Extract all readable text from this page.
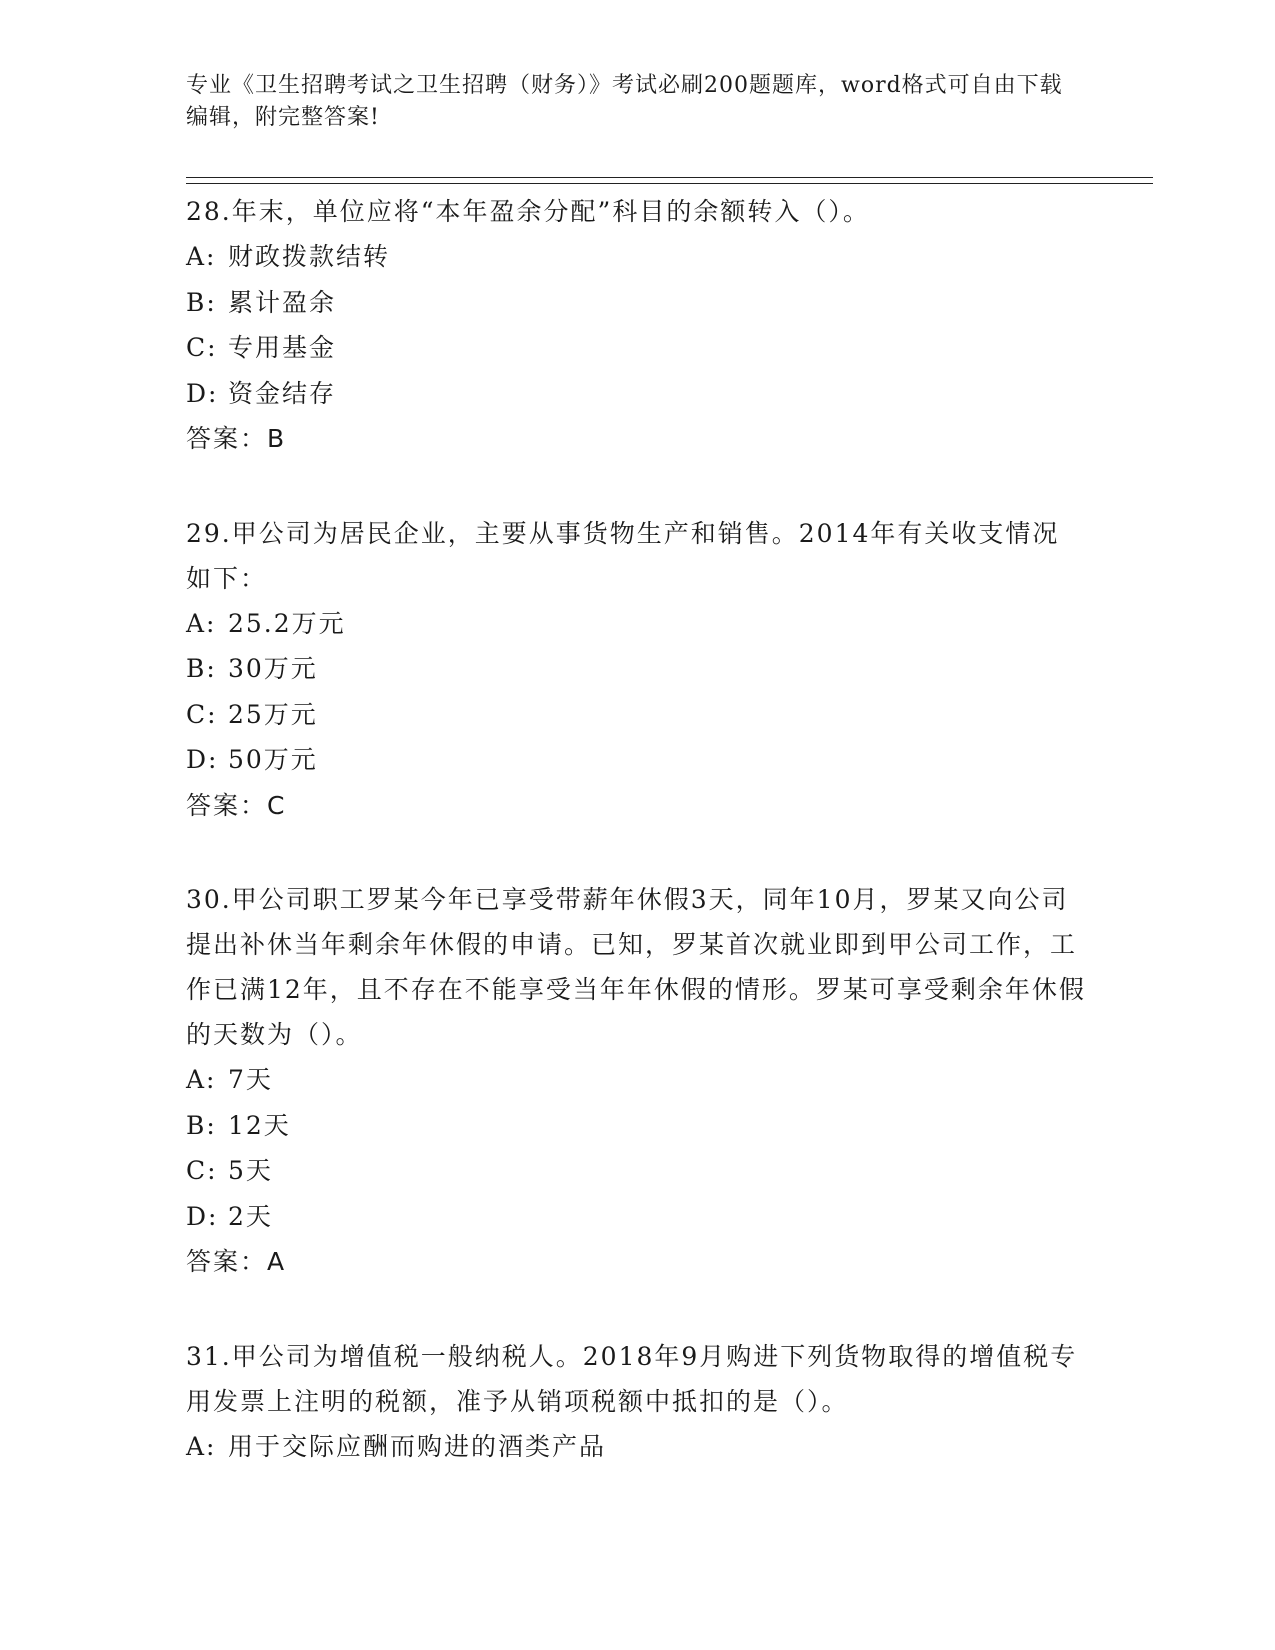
专业《卫生招聘考试之卫生招聘（财务）》考试必刷200题题库，word格式可自由下载编辑，附完整答案!

28.年末，单位应将“本年盈余分配”科目的余额转入（）。

A: 财政拨款结转

B: 累计盈余

C: 专用基金

D: 资金结存

答案：B

29.甲公司为居民企业，主要从事货物生产和销售。2014年有关收支情况如下：

A: 25.2万元

B: 30万元

C: 25万元

D: 50万元

答案：C

30.甲公司职工罗某今年已享受带薪年休假3天，同年10月，罗某又向公司提出补休当年剩余年休假的申请。已知，罗某首次就业即到甲公司工作，工作已满12年，且不存在不能享受当年年休假的情形。罗某可享受剩余年休假的天数为（）。

A: 7天

B: 12天

C: 5天

D: 2天

答案：A

31.甲公司为增值税一般纳税人。2018年9月购进下列货物取得的增值税专用发票上注明的税额，准予从销项税额中抵扣的是（）。

A: 用于交际应酬而购进的酒类产品
